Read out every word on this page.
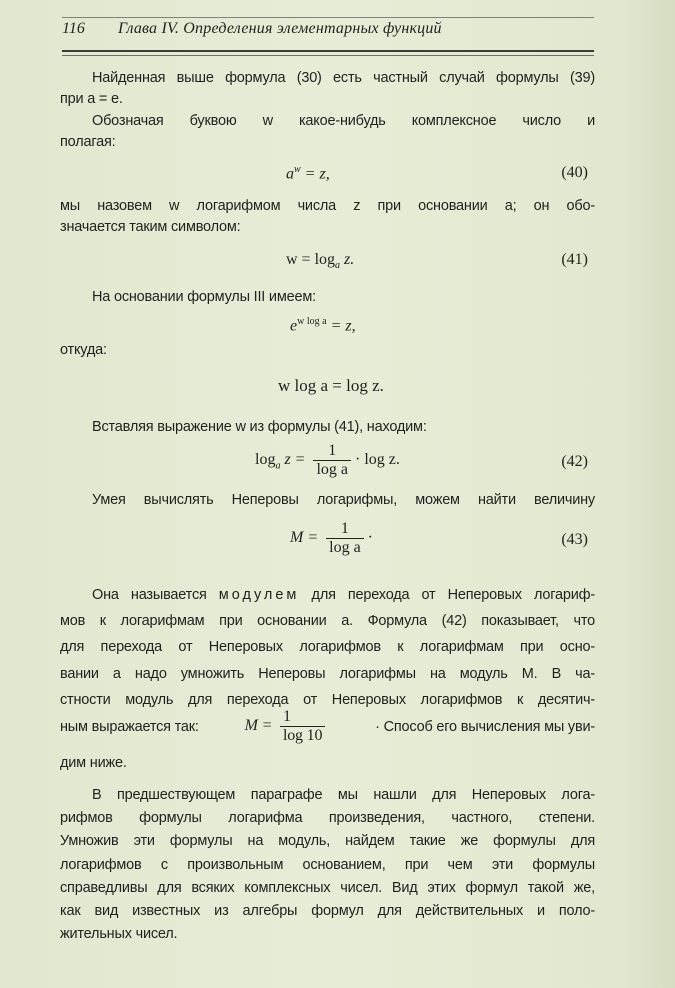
116	Глава IV. Определения элементарных функций
Найденная выше формула (30) есть частный случай формулы (39)
при a = e.
Обозначая буквою w какое-нибудь комплексное число и
полагая:
$a^w = z$,	(40)
мы назовем w логарифмом числа z при основании a; он обо-
значается таким символом:
$w = \log_a z$.	(41)
На основании формулы III имеем:
$e^{w log a} = z$,
откуда:
w log a = log z.
Вставляя выражение w из формулы (41), находим:
$\log_a z = \frac{1}{\text{log a}} \cdot \log z$.	(42)
Умея вычислять Неперовы логарифмы, можем найти величину
$M = \frac{1}{\text{log a}}$ ·	(43)
Она называется модулем для перехода от Неперовых логариф-
мов к логарифмам при основании a. Формула (42) показывает, что
для перехода от Неперовых логарифмов к логарифмам при осно-
вании a надо умножить Неперовы логарифмы на модуль M. В ча-
стности модуль для перехода от Неперовых логарифмов к десятич-
ным выражается так:	$M = \frac{1}{\log 10}$	· Способ его вычисления мы уви-
дим ниже.
В предшествующем параграфе мы нашли для Неперовых лога-
рифмов формулы логарифма произведения, частного, степени.
Умножив эти формулы на модуль, найдем такие же формулы для
логарифмов с произвольным основанием, при чем эти формулы
справедливы для всяких комплексных чисел. Вид этих формул такой же,
как вид известных из алгебры формул для действительных и поло-
жительных чисел.
